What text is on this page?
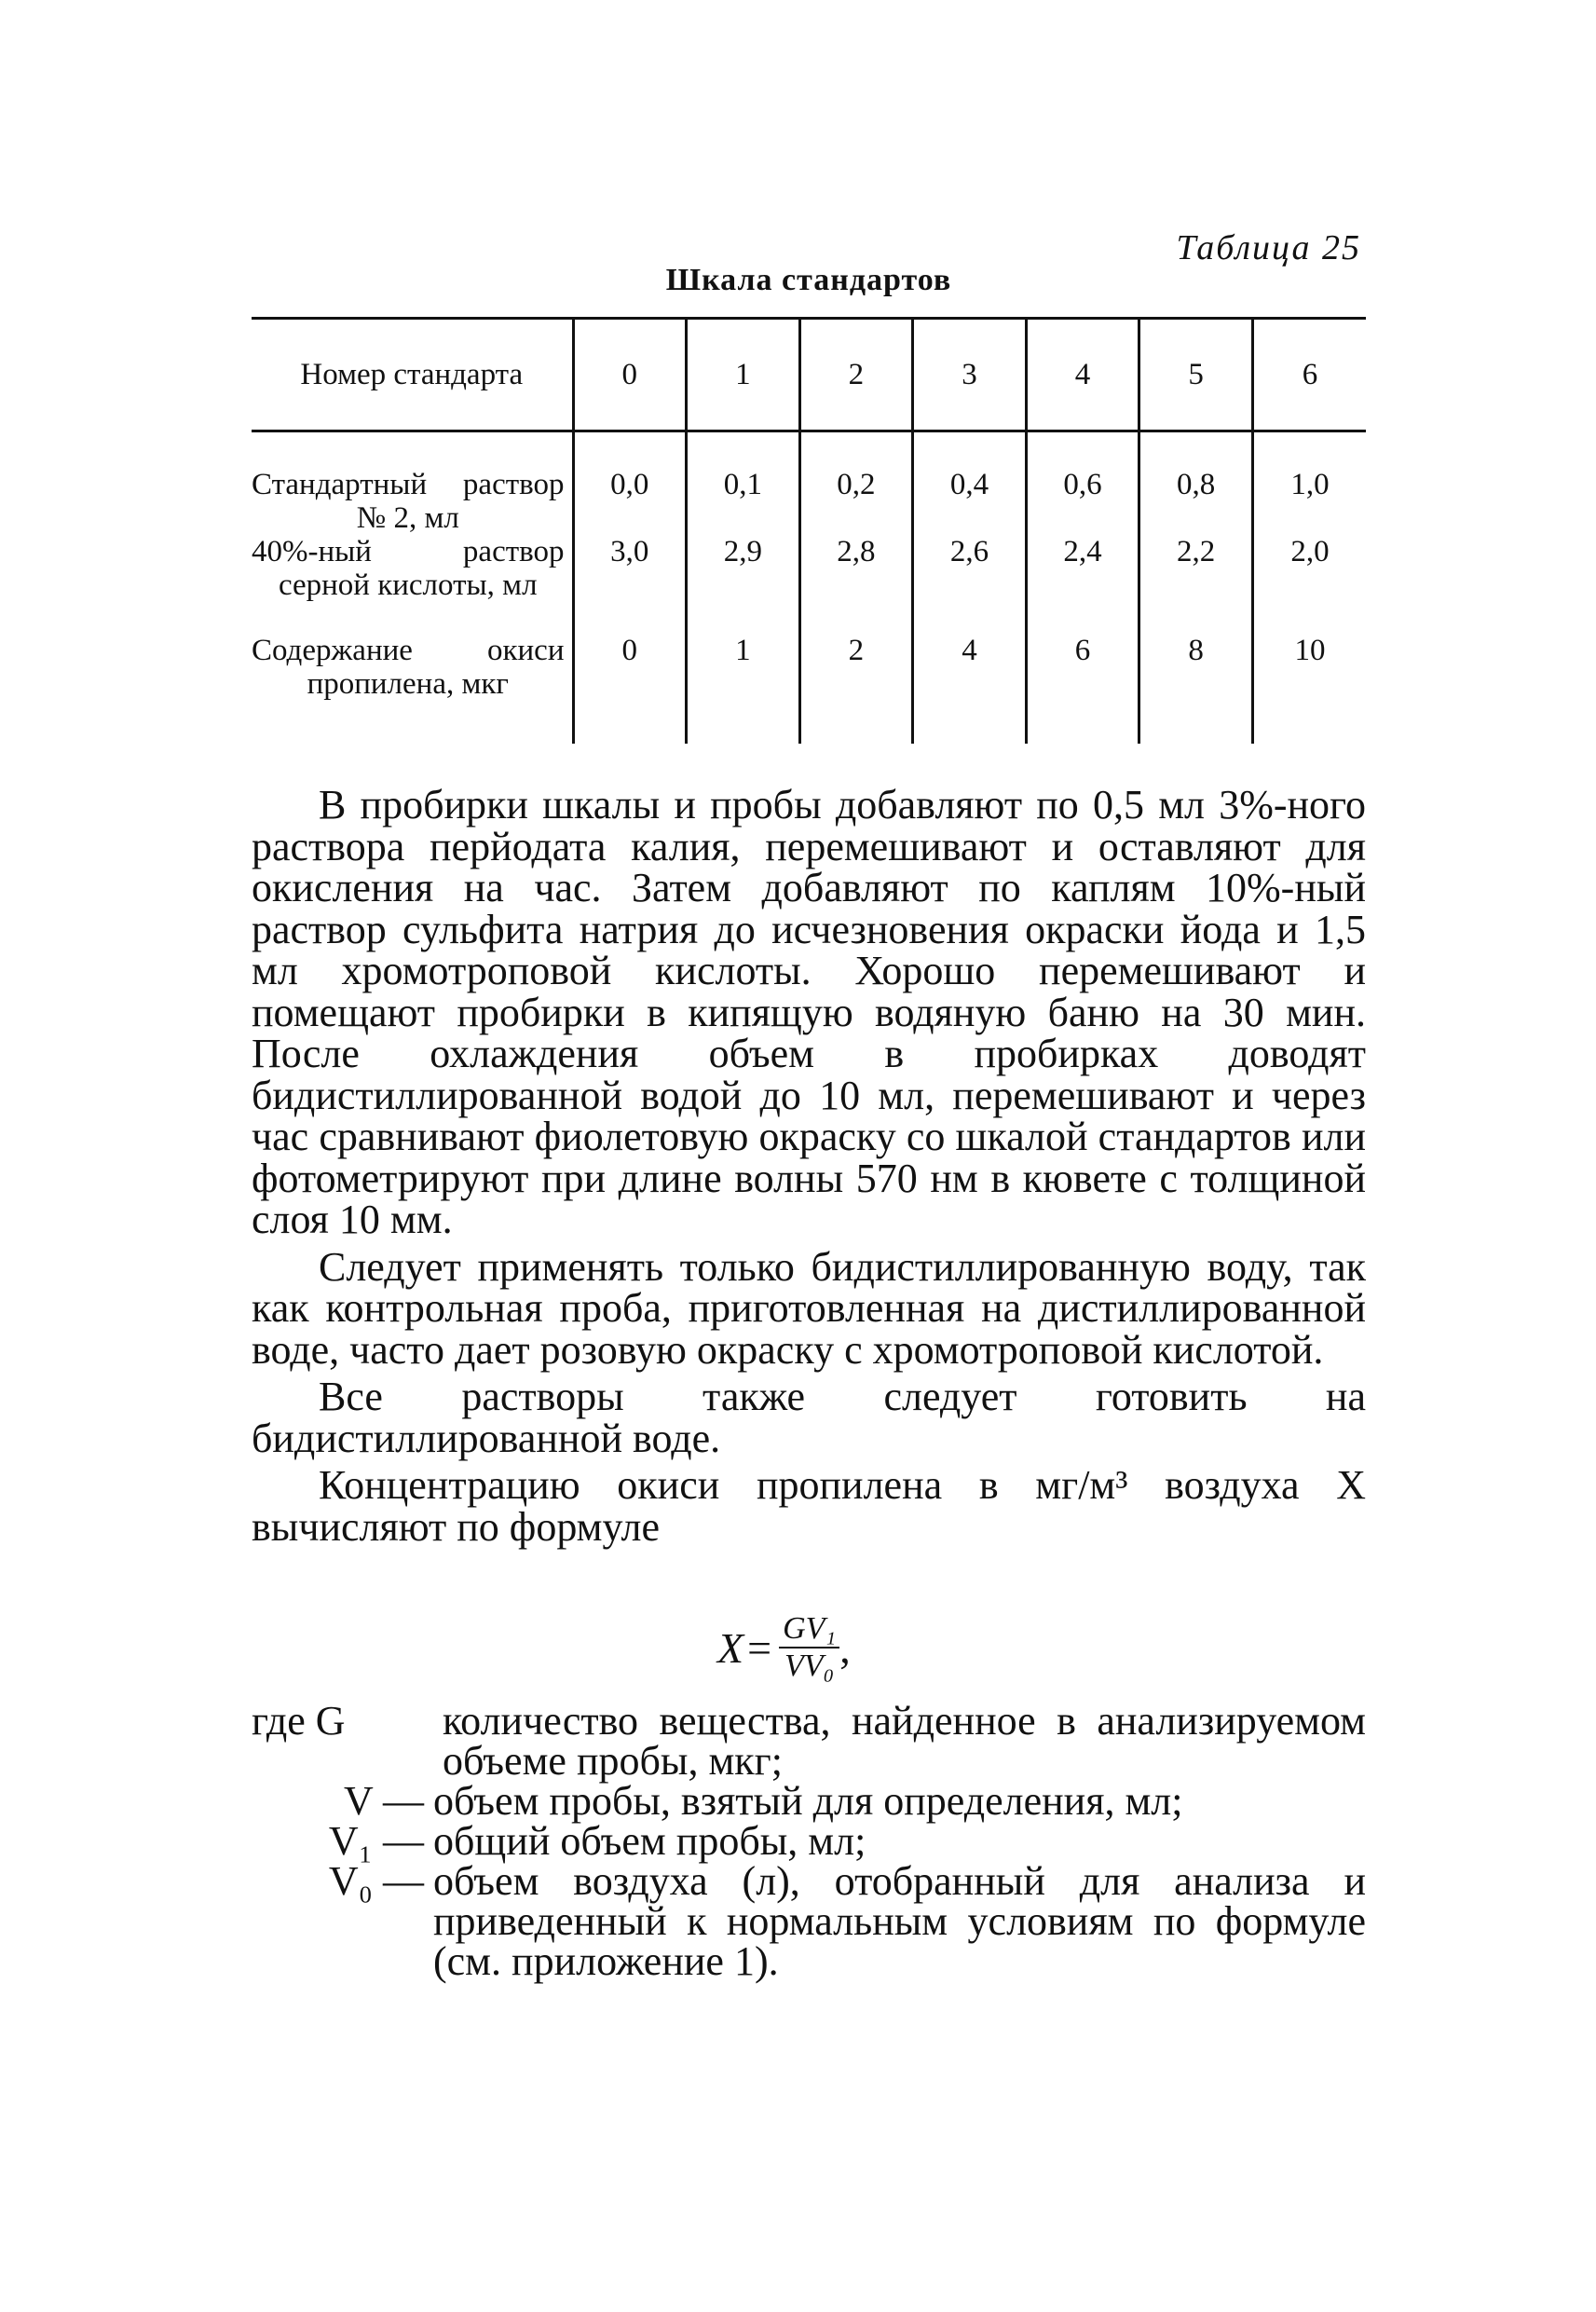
Таблица 25
Шкала стандартов
Номер стандарта	0	1	2	3	4	5	6
Стандартный раствор № 2, мл	0,0	0,1	0,2	0,4	0,6	0,8	1,0
40%-ный раствор серной кислоты, мл	3,0	2,9	2,8	2,6	2,4	2,2	2,0
Содержание окиси пропилена, мкг	0	1	2	4	6	8	10

В пробирки шкалы и пробы добавляют по 0,5 мл 3%-ного раствора перйодата калия, перемешивают и оставляют для окисления на час. Затем добавляют по каплям 10%-ный раствор сульфита натрия до исчезновения окраски йода и 1,5 мл хромотроповой кислоты. Хорошо перемешивают и помещают пробирки в кипящую водяную баню на 30 мин. После охлаждения объем в пробирках доводят бидистиллированной водой до 10 мл, перемешивают и через час сравнивают фиолетовую окраску со шкалой стандартов или фотометрируют при длине волны 570 нм в кювете с толщиной слоя 10 мм.

Следует применять только бидистиллированную воду, так как контрольная проба, приготовленная на дистиллированной воде, часто дает розовую окраску с хромотроповой кислотой.

Все растворы также следует готовить на бидистиллированной воде.

Концентрацию окиси пропилена в мг/м³ воздуха X вычисляют по формуле

$X = \frac{\text{GV₁}}{\text{VV₀}}$ ,
где G	количество вещества, найденное в анализируемом объеме пробы, мкг;
V — объем пробы, взятый для определения, мл;
V₁ — общий объем пробы, мл;
V₀ — объем воздуха (л), отобранный для анализа и приведенный к нормальным условиям по формуле (см. приложение 1).
